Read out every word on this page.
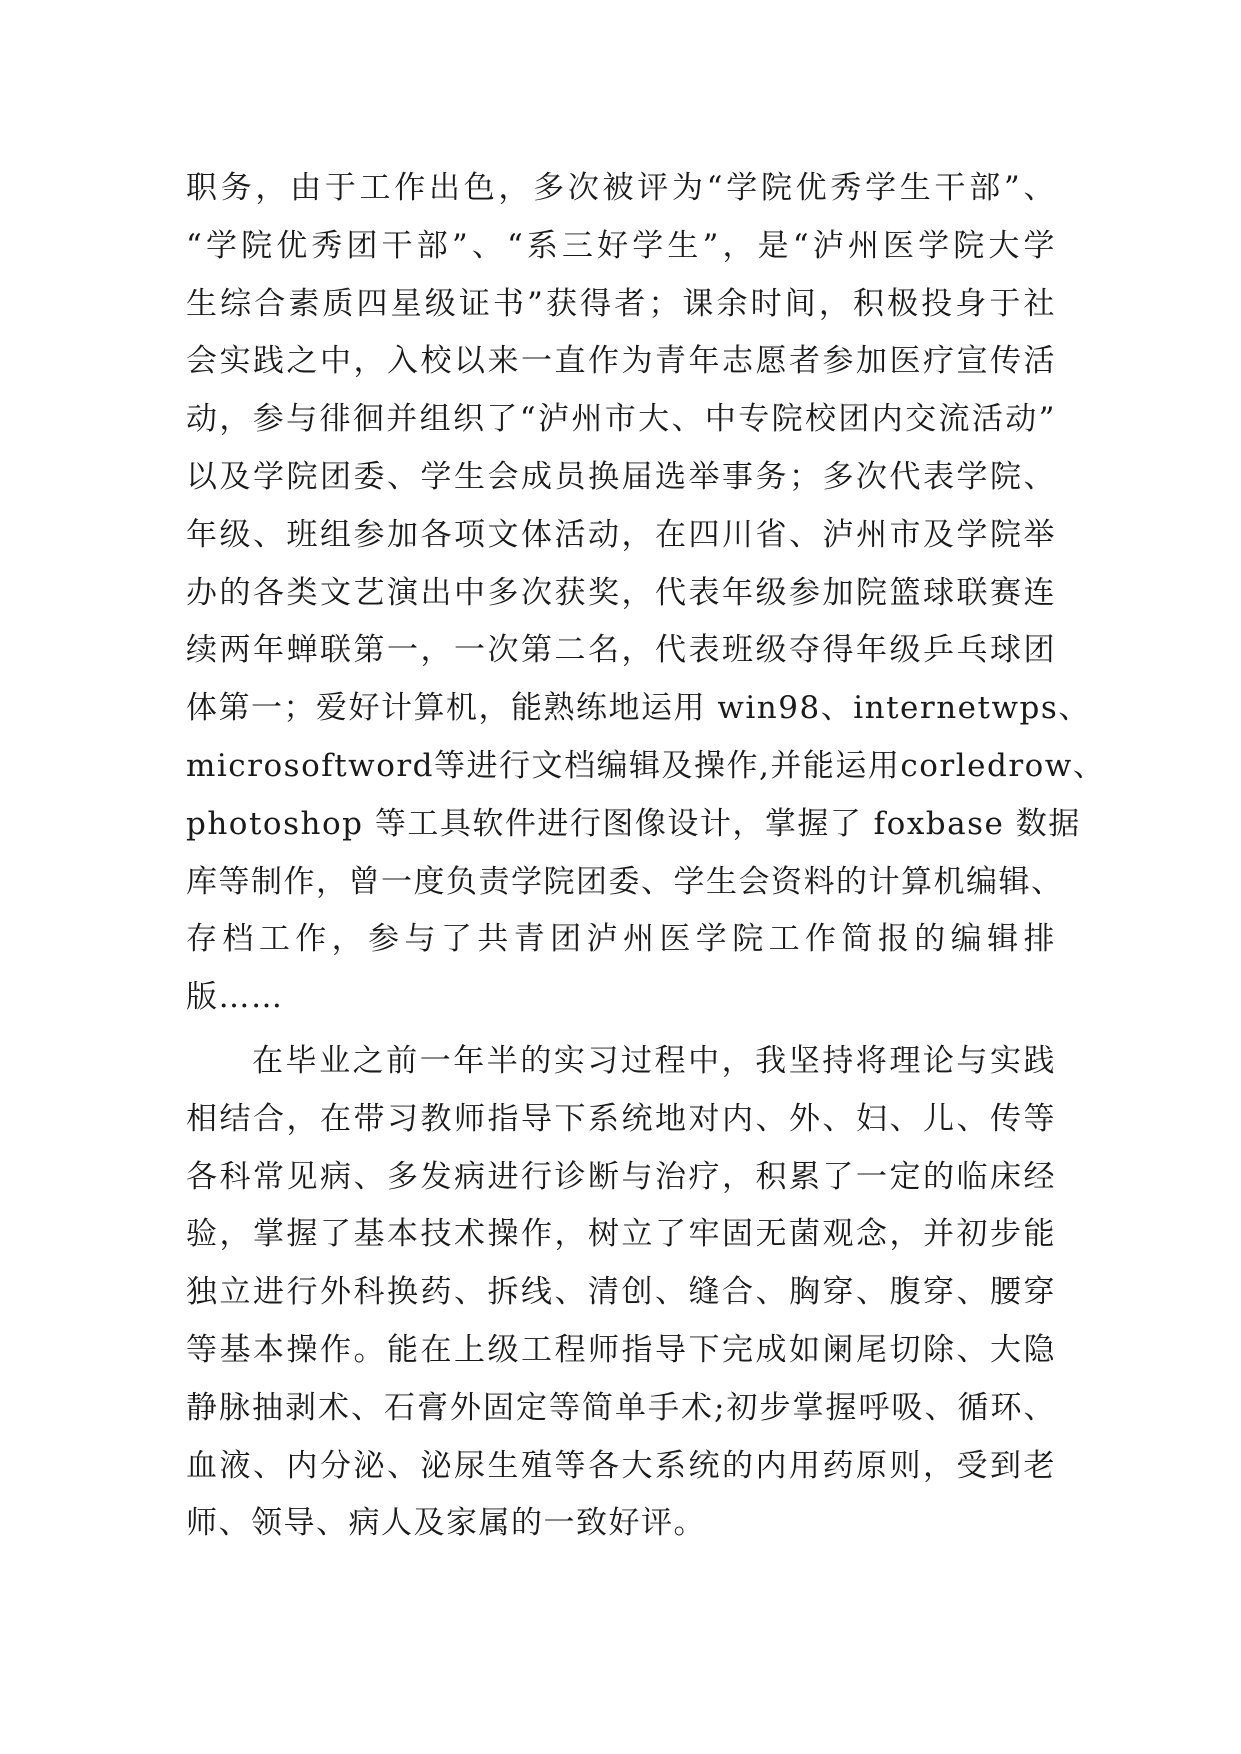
职务，由于工作出色，多次被评为“学院优秀学生干部”、
“学院优秀团干部”、“系三好学生”，是“泸州医学院大学
生综合素质四星级证书”获得者；课余时间，积极投身于社
会实践之中，入校以来一直作为青年志愿者参加医疗宣传活
动，参与徘徊并组织了“泸州市大、中专院校团内交流活动”
以及学院团委、学生会成员换届选举事务；多次代表学院、
年级、班组参加各项文体活动，在四川省、泸州市及学院举
办的各类文艺演出中多次获奖，代表年级参加院篮球联赛连
续两年蝉联第一，一次第二名，代表班级夺得年级乒乓球团
体第一；爱好计算机，能熟练地运用 win98、internetwps、
microsoftword等进行文档编辑及操作,并能运用corledrow、
photoshop 等工具软件进行图像设计，掌握了 foxbase 数据
库等制作，曾一度负责学院团委、学生会资料的计算机编辑、
存档工作，参与了共青团泸州医学院工作简报的编辑排
版……
在毕业之前一年半的实习过程中，我坚持将理论与实践
相结合，在带习教师指导下系统地对内、外、妇、儿、传等
各科常见病、多发病进行诊断与治疗，积累了一定的临床经
验，掌握了基本技术操作，树立了牢固无菌观念，并初步能
独立进行外科换药、拆线、清创、缝合、胸穿、腹穿、腰穿
等基本操作。能在上级工程师指导下完成如阑尾切除、大隐
静脉抽剥术、石膏外固定等简单手术;初步掌握呼吸、循环、
血液、内分泌、泌尿生殖等各大系统的内用药原则，受到老
师、领导、病人及家属的一致好评。
